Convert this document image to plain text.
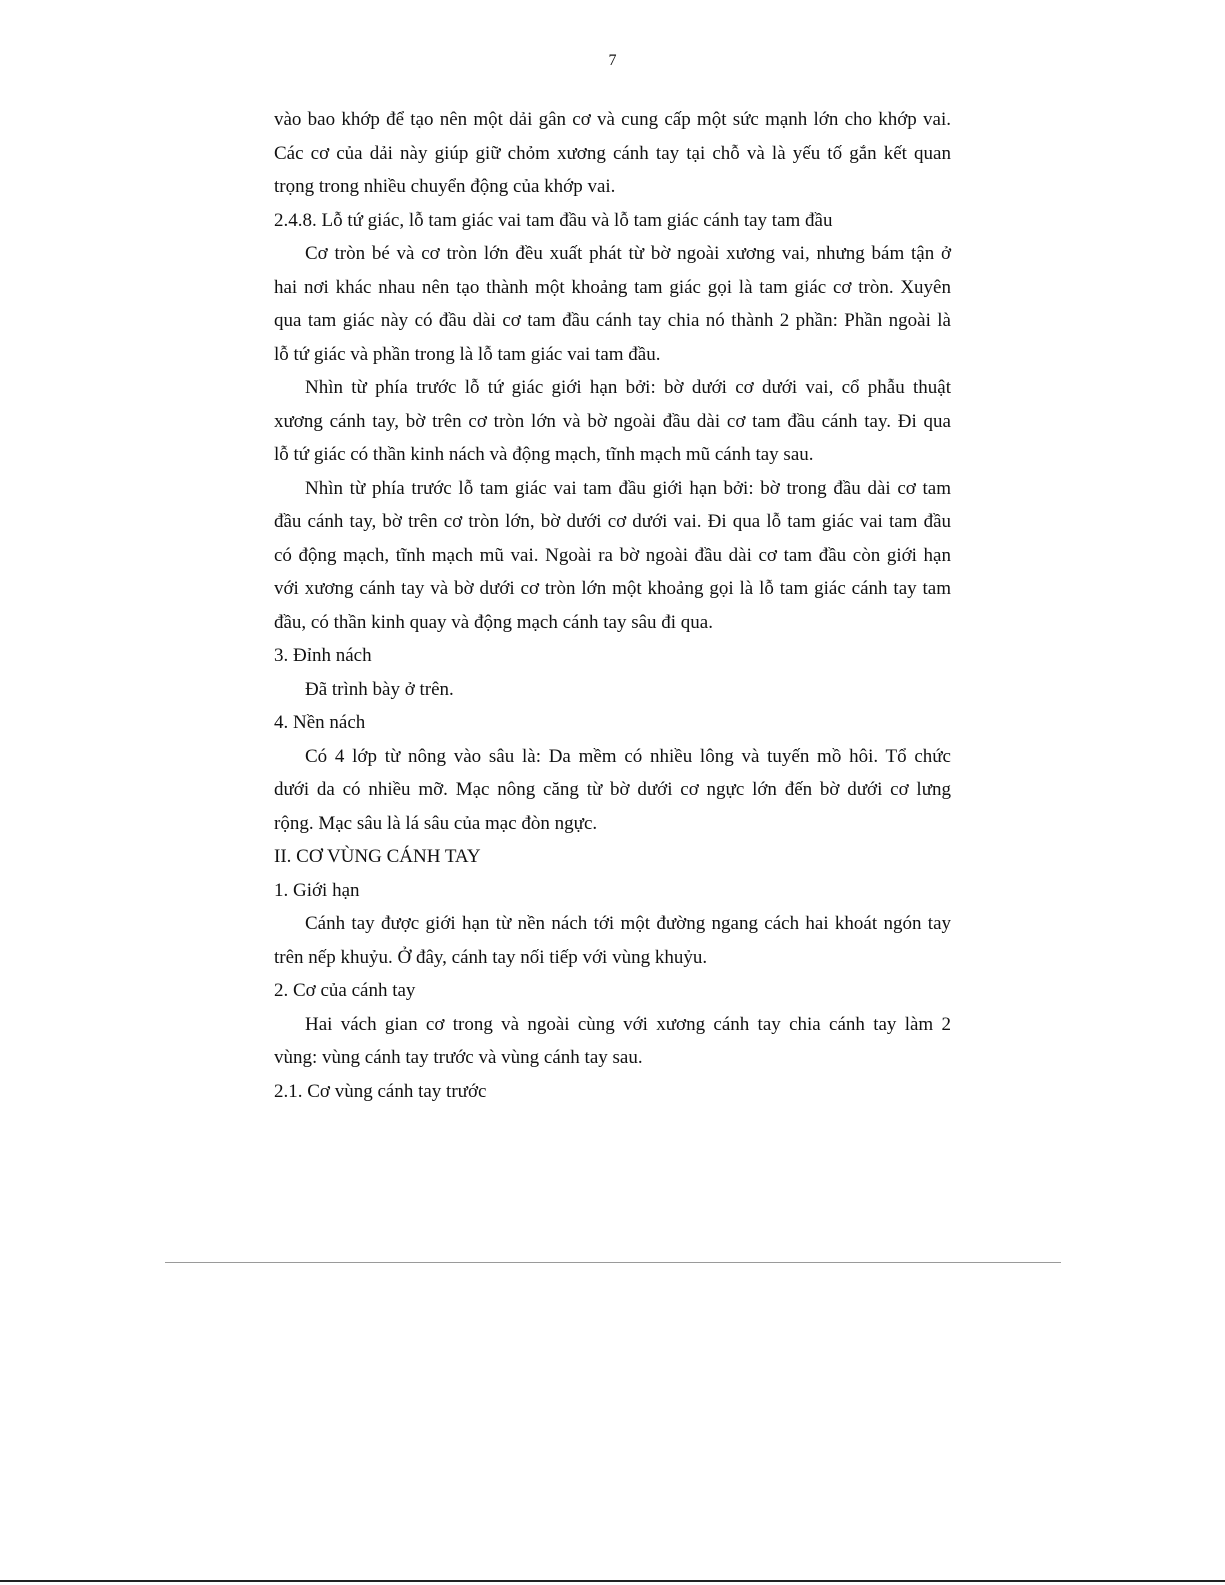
7

vào bao khớp để tạo nên một dải gân cơ và cung cấp một sức mạnh lớn cho khớp vai.

Các cơ của dải này giúp giữ chỏm xương cánh tay tại chỗ và là yếu tố gắn kết quan

trọng trong nhiều chuyển động của khớp vai.

2.4.8. Lỗ tứ giác, lỗ tam giác vai tam đầu và lỗ tam giác cánh tay tam đầu

Cơ tròn bé và cơ tròn lớn đều xuất phát từ bờ ngoài xương vai, nhưng bám tận ở

hai nơi khác nhau nên tạo thành một khoảng tam giác gọi là tam giác cơ tròn. Xuyên

qua tam giác này có đầu dài cơ tam đầu cánh tay chia nó thành 2 phần: Phần ngoài là

lỗ tứ giác và phần trong là lỗ tam giác vai tam đầu.

Nhìn từ phía trước lỗ tứ giác giới hạn bởi: bờ dưới cơ dưới vai, cổ phẫu thuật

xương cánh tay, bờ trên cơ tròn lớn và bờ ngoài đầu dài cơ tam đầu cánh tay. Đi qua

lỗ tứ giác có thần kinh nách và động mạch, tĩnh mạch mũ cánh tay sau.

Nhìn từ phía trước lỗ tam giác vai tam đầu giới hạn bởi: bờ trong đầu dài cơ tam

đầu cánh tay, bờ trên cơ tròn lớn, bờ dưới cơ dưới vai. Đi qua lỗ tam giác vai tam đầu

có động mạch, tĩnh mạch mũ vai. Ngoài ra bờ ngoài đầu dài cơ tam đầu còn giới hạn

với xương cánh tay và bờ dưới cơ tròn lớn một khoảng gọi là lỗ tam giác cánh tay tam

đầu, có thần kinh quay và động mạch cánh tay sâu đi qua.

3. Đỉnh nách

Đã trình bày ở trên.

4. Nền nách

Có 4 lớp từ nông vào sâu là: Da mềm có nhiều lông và tuyến mồ hôi. Tổ chức

dưới da có nhiều mỡ. Mạc nông căng từ bờ dưới cơ ngực lớn đến bờ dưới cơ lưng

rộng. Mạc sâu là lá sâu của mạc đòn ngực.

II. CƠ VÙNG CÁNH TAY

1. Giới hạn

Cánh tay được giới hạn từ nền nách tới một đường ngang cách hai khoát ngón tay

trên nếp khuỷu. Ở đây, cánh tay nối tiếp với vùng khuỷu.

2. Cơ của cánh tay

Hai vách gian cơ trong và ngoài cùng với xương cánh tay chia cánh tay làm 2

vùng: vùng cánh tay trước và vùng cánh tay sau.

2.1. Cơ vùng cánh tay trước
